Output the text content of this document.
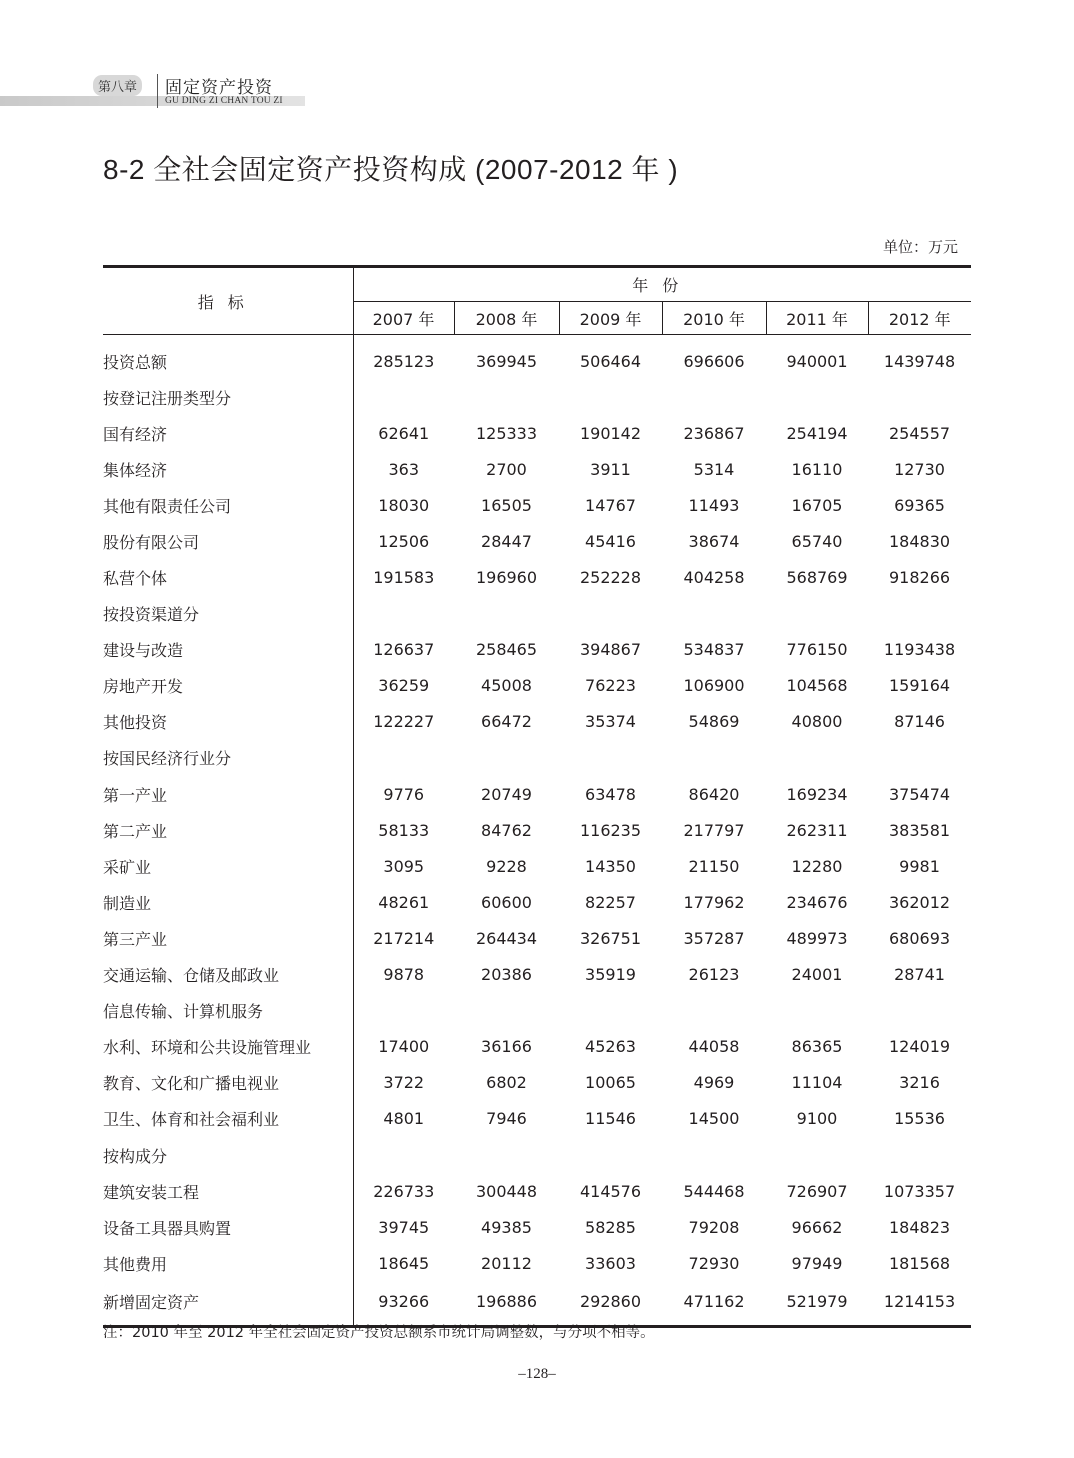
第八章 固定资产投资
GU DING ZI CHAN TOU ZI
8-2 全社会固定资产投资构成 (2007-2012 年 )
单位：万元
指标	年份					
	2007 年	2008 年	2009 年	2010 年	2011 年	2012 年
投资总额	285123	369945	506464	696606	940001	1439748
按登记注册类型分						
国有经济	62641	125333	190142	236867	254194	254557
集体经济	363	2700	3911	5314	16110	12730
其他有限责任公司	18030	16505	14767	11493	16705	69365
股份有限公司	12506	28447	45416	38674	65740	184830
私营个体	191583	196960	252228	404258	568769	918266
按投资渠道分						
建设与改造	126637	258465	394867	534837	776150	1193438
房地产开发	36259	45008	76223	106900	104568	159164
其他投资	122227	66472	35374	54869	40800	87146
按国民经济行业分						
第一产业	9776	20749	63478	86420	169234	375474
第二产业	58133	84762	116235	217797	262311	383581
采矿业	3095	9228	14350	21150	12280	9981
制造业	48261	60600	82257	177962	234676	362012
第三产业	217214	264434	326751	357287	489973	680693
交通运输、仓储及邮政业	9878	20386	35919	26123	24001	28741
信息传输、计算机服务						
水利、环境和公共设施管理业	17400	36166	45263	44058	86365	124019
教育、文化和广播电视业	3722	6802	10065	4969	11104	3216
卫生、体育和社会福利业	4801	7946	11546	14500	9100	15536
按构成分						
建筑安装工程	226733	300448	414576	544468	726907	1073357
设备工具器具购置	39745	49385	58285	79208	96662	184823
其他费用	18645	20112	33603	72930	97949	181568
新增固定资产	93266	196886	292860	471162	521979	1214153
注：2010 年至 2012 年全社会固定资产投资总额系市统计局调整数，与分项不相等。
–128–
